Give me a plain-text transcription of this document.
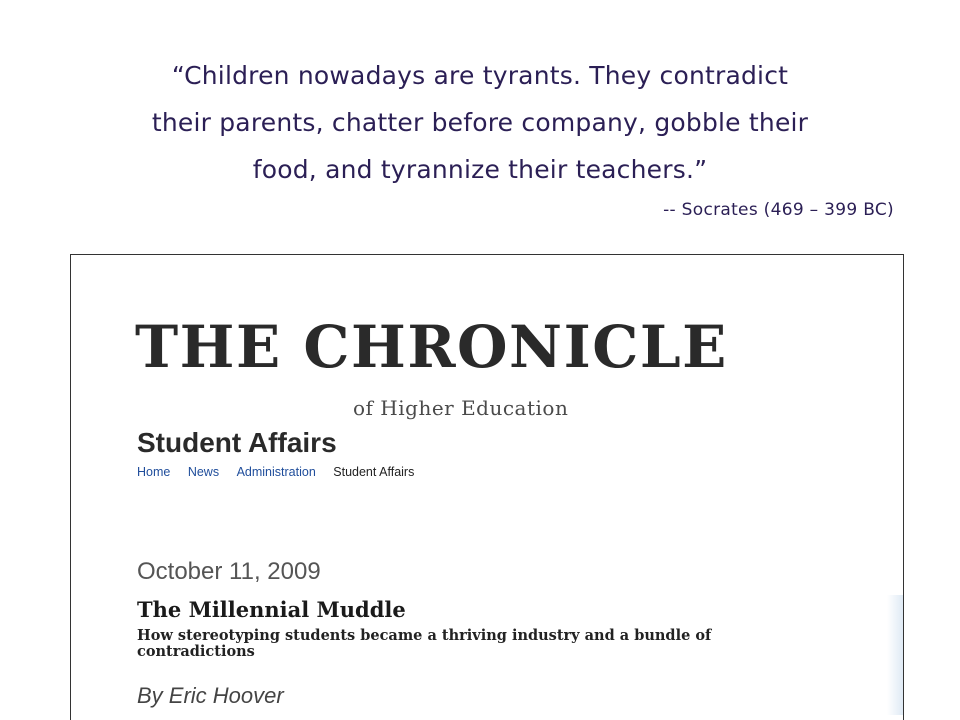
“Children nowadays are tyrants. They contradict
their parents, chatter before company, gobble their
food, and tyrannize their teachers.”
-- Socrates (469 – 399 BC)
THE CHRONICLE
of Higher Education
Student Affairs
Home News Administration Student Affairs
October 11, 2009
The Millennial Muddle
How stereotyping students became a thriving industry and a bundle of contradictions
By Eric Hoover
